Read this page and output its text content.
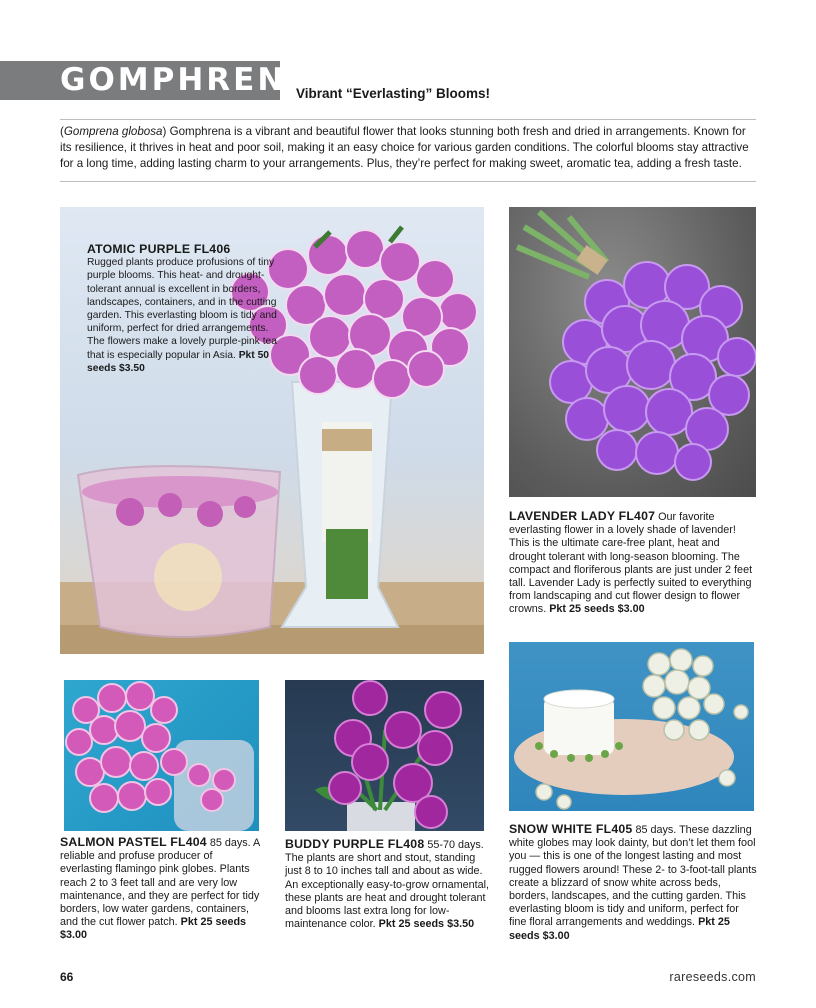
GOMPHRENA
Vibrant “Everlasting” Blooms!
(Gomprena globosa) Gomphrena is a vibrant and beautiful flower that looks stunning both fresh and dried in arrangements. Known for its resilience, it thrives in heat and poor soil, making it an easy choice for various garden conditions. The colorful blooms stay attractive for a long time, adding lasting charm to your arrangements. Plus, they’re perfect for making sweet, aromatic tea, adding a fresh taste.
ATOMIC PURPLE FL406
Rugged plants produce profusions of tiny purple blooms. This heat- and drought-tolerant annual is excellent in borders, landscapes, containers, and in the cutting garden. This everlasting bloom is tidy and uniform, perfect for dried arrangements. The flowers make a lovely purple-pink tea that is especially popular in Asia. Pkt 50 seeds $3.50
LAVENDER LADY FL407 Our favorite everlasting flower in a lovely shade of lavender! This is the ultimate care-free plant, heat and drought tolerant with long-season blooming. The compact and floriferous plants are just under 2 feet tall. Lavender Lady is perfectly suited to everything from landscaping and cut flower design to flower crowns. Pkt 25 seeds $3.00
SALMON PASTEL FL404 85 days. A reliable and profuse producer of everlasting flamingo pink globes. Plants reach 2 to 3 feet tall and are very low maintenance, and they are perfect for tidy borders, low water gardens, containers, and the cut flower patch. Pkt 25 seeds $3.00
BUDDY PURPLE FL408 55-70 days. The plants are short and stout, standing just 8 to 10 inches tall and about as wide. An exceptionally easy-to-grow ornamental, these plants are heat and drought tolerant and blooms last extra long for low-maintenance color. Pkt 25 seeds $3.50
SNOW WHITE FL405 85 days. These dazzling white globes may look dainty, but don’t let them fool you — this is one of the longest lasting and most rugged flowers around! These 2- to 3-foot-tall plants create a blizzard of snow white across beds, borders, landscapes, and the cutting garden. This everlasting bloom is tidy and uniform, perfect for fine floral arrangements and weddings. Pkt 25 seeds $3.00
66	rareseeds.com
